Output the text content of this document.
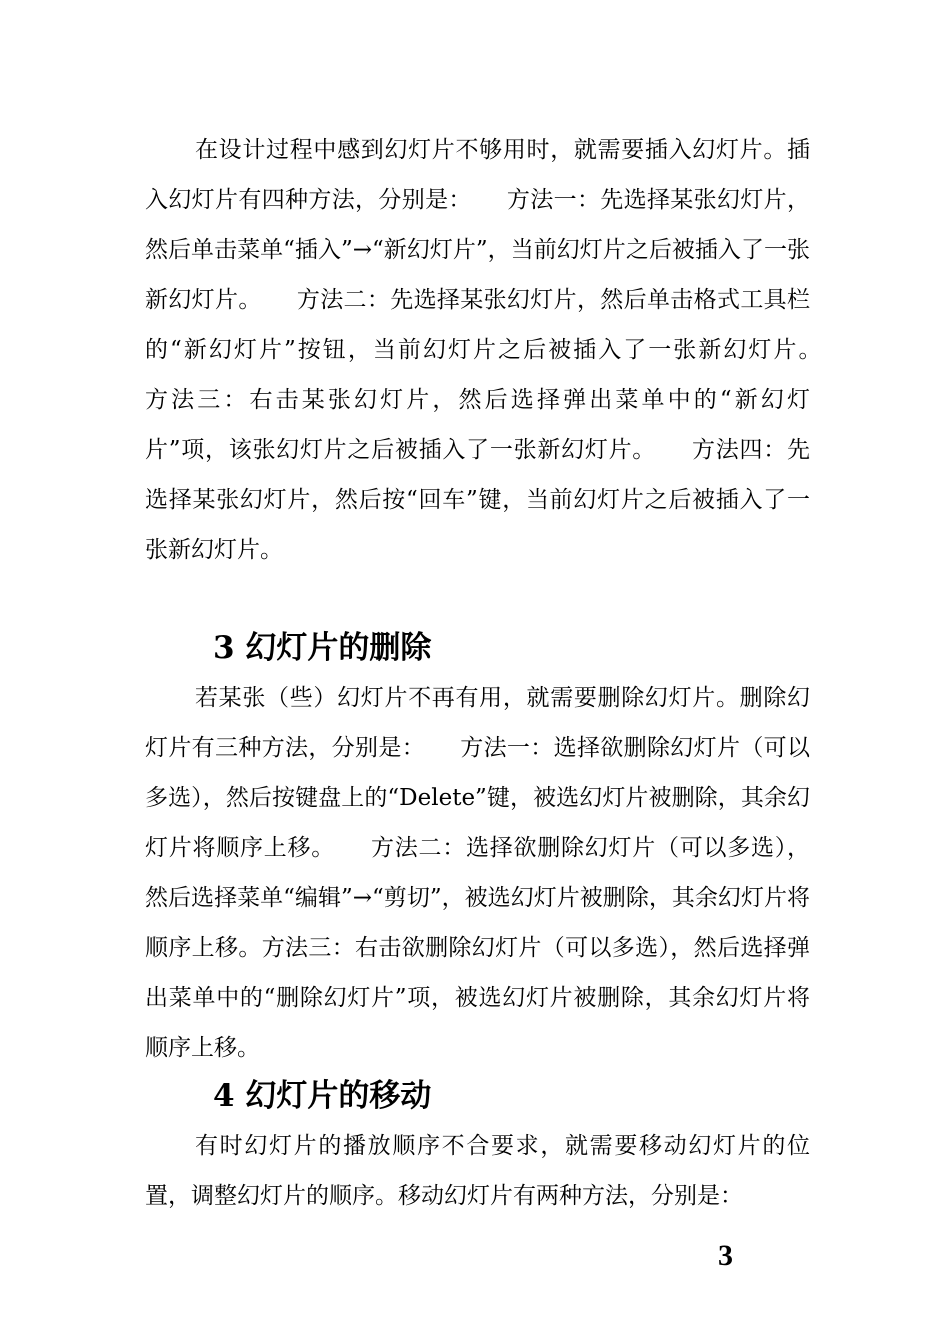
在设计过程中感到幻灯片不够用时，就需要插入幻灯片。插入幻灯片有四种方法，分别是：　　方法一：先选择某张幻灯片，然后单击菜单“插入”→“新幻灯片”，当前幻灯片之后被插入了一张新幻灯片。　　方法二：先选择某张幻灯片，然后单击格式工具栏的“新幻灯片”按钮，当前幻灯片之后被插入了一张新幻灯片。　　方法三：右击某张幻灯片，然后选择弹出菜单中的“新幻灯片”项，该张幻灯片之后被插入了一张新幻灯片。　　方法四：先选择某张幻灯片，然后按“回车”键，当前幻灯片之后被插入了一张新幻灯片。

3 幻灯片的删除

若某张（些）幻灯片不再有用，就需要删除幻灯片。删除幻灯片有三种方法，分别是：　　方法一：选择欲删除幻灯片（可以多选），然后按键盘上的“Delete”键，被选幻灯片被删除，其余幻灯片将顺序上移。　　方法二：选择欲删除幻灯片（可以多选），然后选择菜单“编辑”→“剪切”，被选幻灯片被删除，其余幻灯片将顺序上移。方法三：右击欲删除幻灯片（可以多选），然后选择弹出菜单中的“删除幻灯片”项，被选幻灯片被删除，其余幻灯片将顺序上移。

4 幻灯片的移动

有时幻灯片的播放顺序不合要求，就需要移动幻灯片的位置，调整幻灯片的顺序。移动幻灯片有两种方法，分别是：

3
